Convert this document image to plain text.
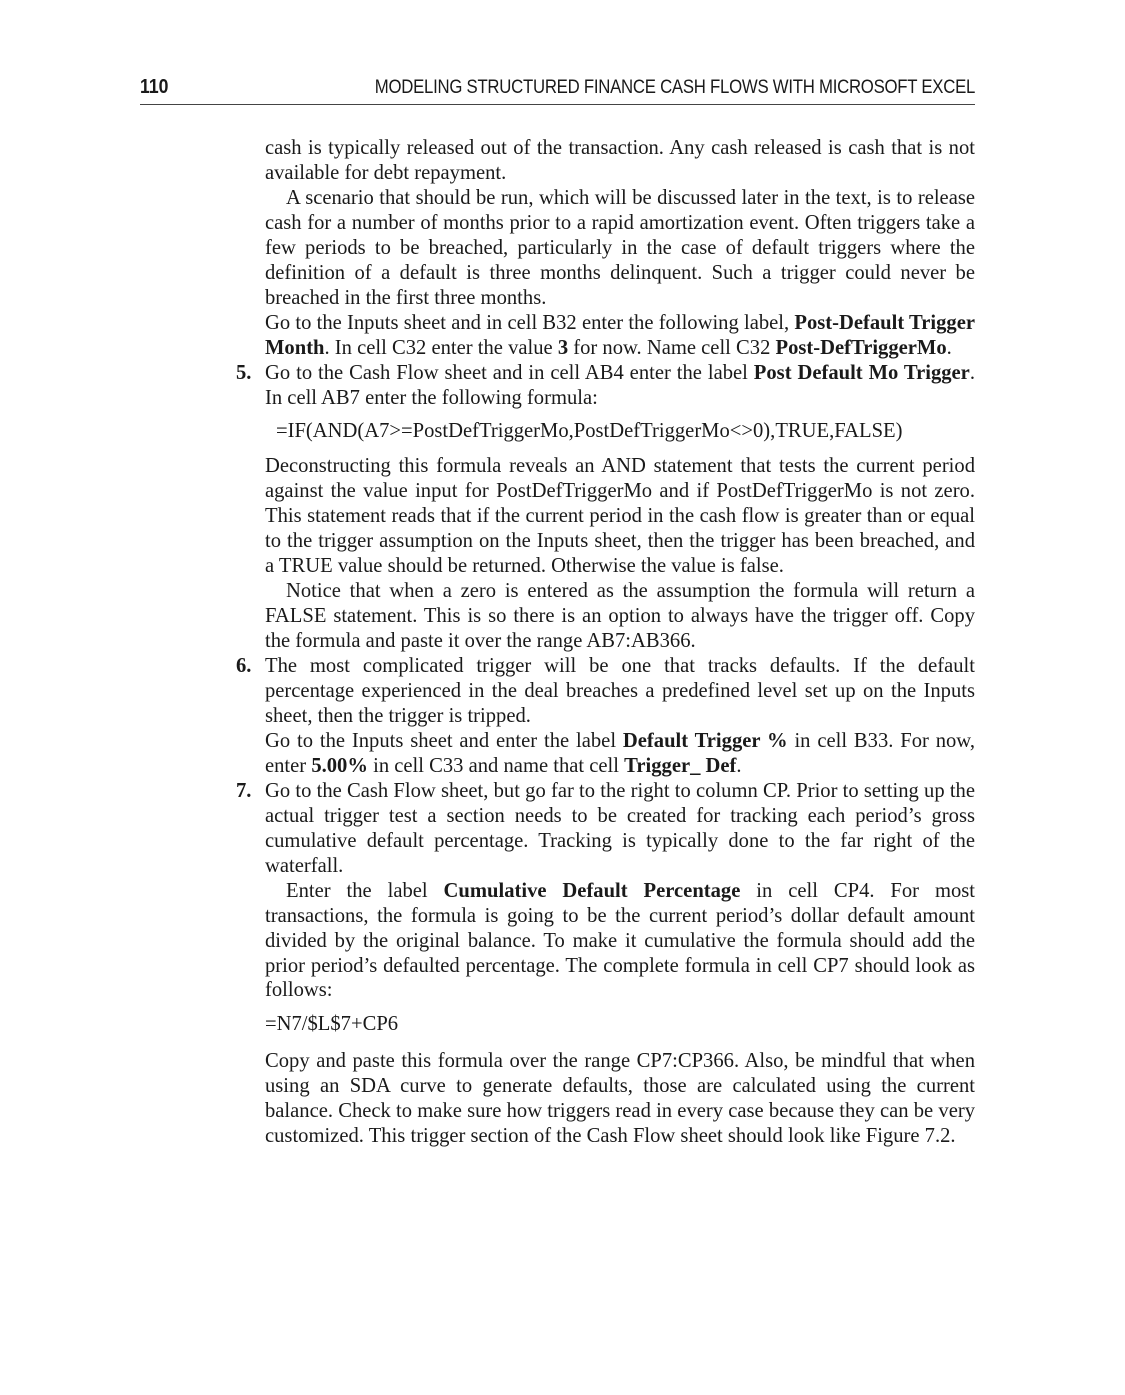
110	MODELING STRUCTURED FINANCE CASH FLOWS WITH MICROSOFT EXCEL

cash is typically released out of the transaction. Any cash released is cash that is not available for debt repayment.

A scenario that should be run, which will be discussed later in the text, is to release cash for a number of months prior to a rapid amortization event. Often triggers take a few periods to be breached, particularly in the case of default triggers where the definition of a default is three months delinquent. Such a trigger could never be breached in the first three months.

Go to the Inputs sheet and in cell B32 enter the following label, Post-Default Trigger Month. In cell C32 enter the value 3 for now. Name cell C32 Post-DefTriggerMo.

5. Go to the Cash Flow sheet and in cell AB4 enter the label Post Default Mo Trigger. In cell AB7 enter the following formula:

=IF(AND(A7>=PostDefTriggerMo,PostDefTriggerMo<>0),TRUE,FALSE)

Deconstructing this formula reveals an AND statement that tests the current period against the value input for PostDefTriggerMo and if PostDefTriggerMo is not zero. This statement reads that if the current period in the cash flow is greater than or equal to the trigger assumption on the Inputs sheet, then the trigger has been breached, and a TRUE value should be returned. Otherwise the value is false.

Notice that when a zero is entered as the assumption the formula will return a FALSE statement. This is so there is an option to always have the trigger off. Copy the formula and paste it over the range AB7:AB366.

6. The most complicated trigger will be one that tracks defaults. If the default percentage experienced in the deal breaches a predefined level set up on the Inputs sheet, then the trigger is tripped.

Go to the Inputs sheet and enter the label Default Trigger % in cell B33. For now, enter 5.00% in cell C33 and name that cell Trigger_ Def.

7. Go to the Cash Flow sheet, but go far to the right to column CP. Prior to setting up the actual trigger test a section needs to be created for tracking each period’s gross cumulative default percentage. Tracking is typically done to the far right of the waterfall.

Enter the label Cumulative Default Percentage in cell CP4. For most transactions, the formula is going to be the current period’s dollar default amount divided by the original balance. To make it cumulative the formula should add the prior period’s defaulted percentage. The complete formula in cell CP7 should look as follows:

=N7/$L$7+CP6

Copy and paste this formula over the range CP7:CP366. Also, be mindful that when using an SDA curve to generate defaults, those are calculated using the current balance. Check to make sure how triggers read in every case because they can be very customized. This trigger section of the Cash Flow sheet should look like Figure 7.2.
